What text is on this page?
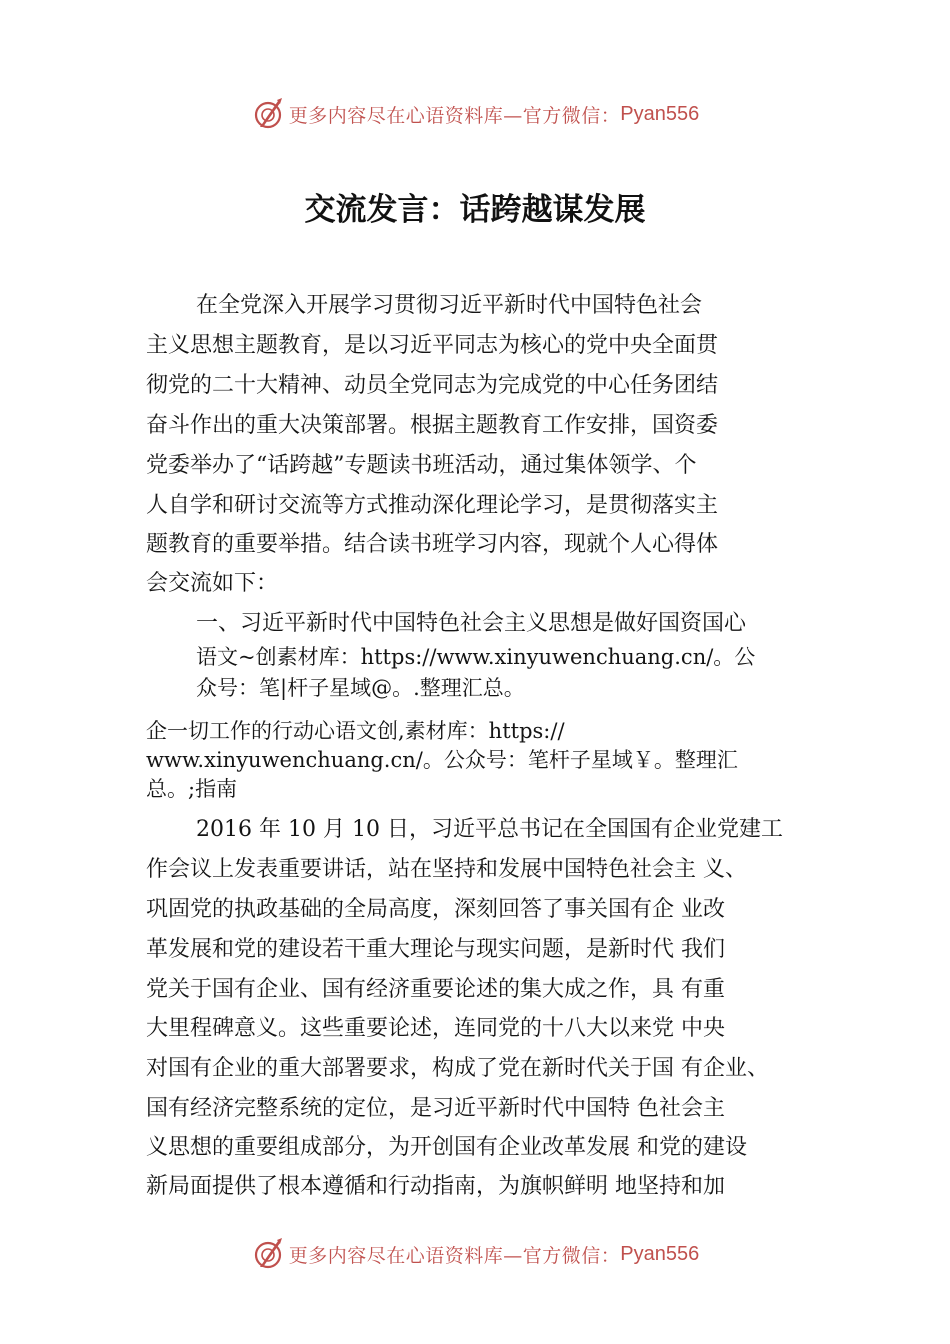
更多内容尽在心语资料库—官方微信： Pyan556
交流发言：话跨越谋发展
在全党深入开展学习贯彻习近平新时代中国特色社会
主义思想主题教育，是以习近平同志为核心的党中央全面贯
彻党的二十大精神、动员全党同志为完成党的中心任务团结
奋斗作出的重大决策部署。根据主题教育工作安排，国资委
党委举办了“话跨越”专题读书班活动，通过集体领学、个
人自学和研讨交流等方式推动深化理论学习，是贯彻落实主
题教育的重要举措。结合读书班学习内容，现就个人心得体
会交流如下：
一、习近平新时代中国特色社会主义思想是做好国资国心
语文~创素材库：https://www.xinyuwenchuang.cn/。公
众号：笔|杆子星域@。.整理汇总。
企一切工作的行动心语文创,素材库：https://
www.xinyuwenchuang.cn/。公众号：笔杆子星域￥。整理汇
总。;指南
2016 年 10 月 10 日，习近平总书记在全国国有企业党建工
作会议上发表重要讲话，站在坚持和发展中国特色社会主 义、
巩固党的执政基础的全局高度，深刻回答了事关国有企 业改
革发展和党的建设若干重大理论与现实问题，是新时代 我们
党关于国有企业、国有经济重要论述的集大成之作，具 有重
大里程碑意义。这些重要论述，连同党的十八大以来党 中央
对国有企业的重大部署要求，构成了党在新时代关于国 有企业、
国有经济完整系统的定位，是习近平新时代中国特 色社会主
义思想的重要组成部分，为开创国有企业改革发展 和党的建设
新局面提供了根本遵循和行动指南，为旗帜鲜明 地坚持和加
更多内容尽在心语资料库—官方微信： Pyan556
